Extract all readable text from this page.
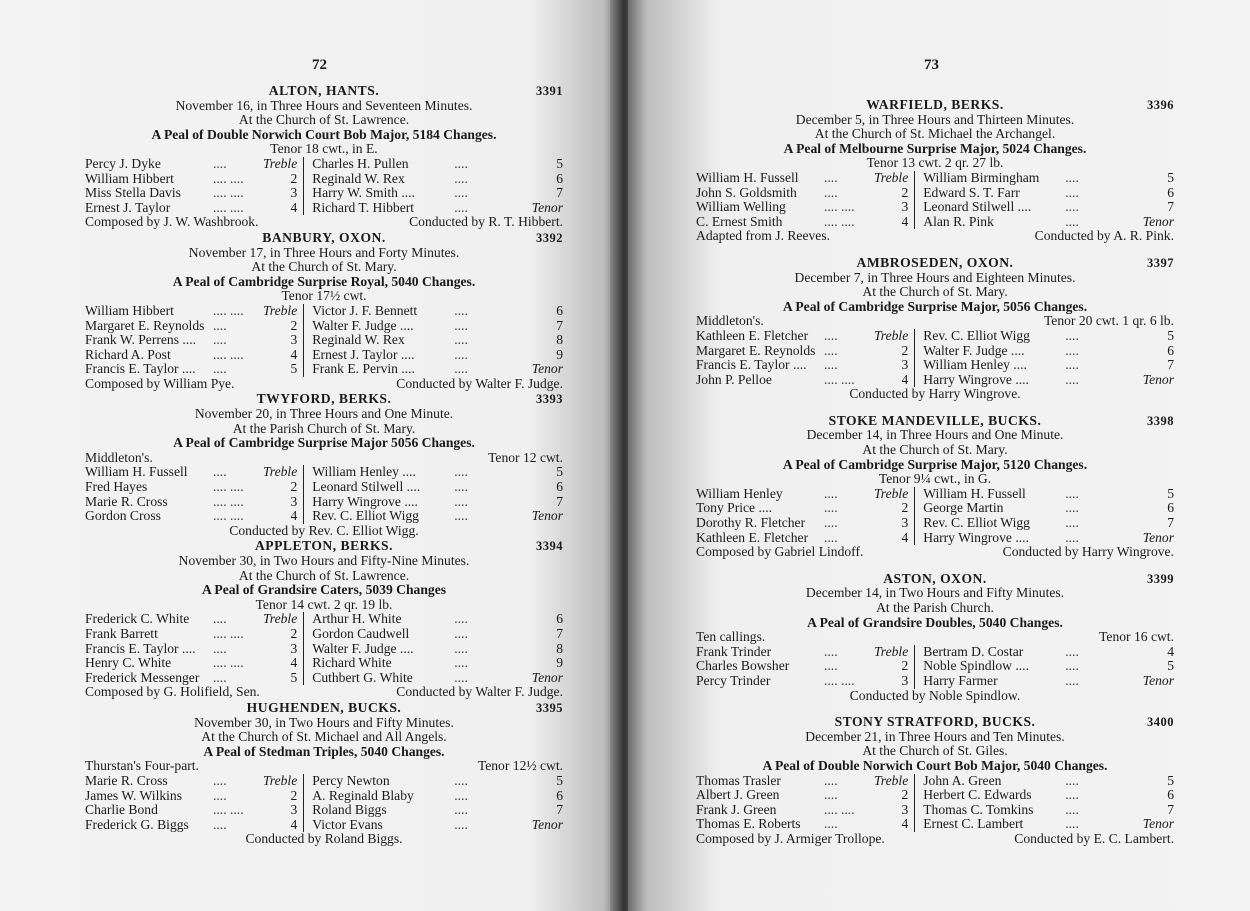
72
ALTON, HANTS.	3391
November 16, in Three Hours and Seventeen Minutes.
At the Church of St. Lawrence.
A Peal of Double Norwich Court Bob Major, 5184 Changes.
Tenor 18 cwt., in E.
Percy J. Dyke	....	Treble	Charles H. Pullen	....	5
William Hibbert	.... ....	2	Reginald W. Rex	....	6
Miss Stella Davis	.... ....	3	Harry W. Smith ....	....	7
Ernest J. Taylor	.... ....	4	Richard T. Hibbert	....	Tenor
Composed by J. W. Washbrook.	Conducted by R. T. Hibbert.
BANBURY, OXON.	3392
November 17, in Three Hours and Forty Minutes.
At the Church of St. Mary.
A Peal of Cambridge Surprise Royal, 5040 Changes.
Tenor 17½ cwt.
William Hibbert	.... ....	Treble	Victor J. F. Bennett	....	6
Margaret E. Reynolds	....	2	Walter F. Judge ....	....	7
Frank W. Perrens ....	....	3	Reginald W. Rex	....	8
Richard A. Post	.... ....	4	Ernest J. Taylor ....	....	9
Francis E. Taylor ....	....	5	Frank E. Pervin ....	....	Tenor
Composed by William Pye.	Conducted by Walter F. Judge.
TWYFORD, BERKS.	3393
November 20, in Three Hours and One Minute.
At the Parish Church of St. Mary.
A Peal of Cambridge Surprise Major 5056 Changes.
Middleton's.	Tenor 12 cwt.
William H. Fussell	....	Treble	William Henley ....	....	5
Fred Hayes	.... ....	2	Leonard Stilwell ....	....	6
Marie R. Cross	.... ....	3	Harry Wingrove ....	....	7
Gordon Cross	.... ....	4	Rev. C. Elliot Wigg	....	Tenor
Conducted by Rev. C. Elliot Wigg.
APPLETON, BERKS.	3394
November 30, in Two Hours and Fifty-Nine Minutes.
At the Church of St. Lawrence.
A Peal of Grandsire Caters, 5039 Changes
Tenor 14 cwt. 2 qr. 19 lb.
Frederick C. White	....	Treble	Arthur H. White	....	6
Frank Barrett	.... ....	2	Gordon Caudwell	....	7
Francis E. Taylor ....	....	3	Walter F. Judge ....	....	8
Henry C. White	.... ....	4	Richard White	....	9
Frederick Messenger	....	5	Cuthbert G. White	....	Tenor
Composed by G. Holifield, Sen.	Conducted by Walter F. Judge.
HUGHENDEN, BUCKS.	3395
November 30, in Two Hours and Fifty Minutes.
At the Church of St. Michael and All Angels.
A Peal of Stedman Triples, 5040 Changes.
Thurstan's Four-part.	Tenor 12½ cwt.
Marie R. Cross	....	Treble	Percy Newton	....	5
James W. Wilkins	....	2	A. Reginald Blaby	....	6
Charlie Bond	.... ....	3	Roland Biggs	....	7
Frederick G. Biggs	....	4	Victor Evans	....	Tenor
Conducted by Roland Biggs.
73
WARFIELD, BERKS.	3396
December 5, in Three Hours and Thirteen Minutes.
At the Church of St. Michael the Archangel.
A Peal of Melbourne Surprise Major, 5024 Changes.
Tenor 13 cwt. 2 qr. 27 lb.
William H. Fussell	....	Treble	William Birmingham	....	5
John S. Goldsmith	....	2	Edward S. T. Farr	....	6
William Welling	.... ....	3	Leonard Stilwell ....	....	7
C. Ernest Smith	.... ....	4	Alan R. Pink	....	Tenor
Adapted from J. Reeves.	Conducted by A. R. Pink.
AMBROSEDEN, OXON.	3397
December 7, in Three Hours and Eighteen Minutes.
At the Church of St. Mary.
A Peal of Cambridge Surprise Major, 5056 Changes.
Middleton's.	Tenor 20 cwt. 1 qr. 6 lb.
Kathleen E. Fletcher	....	Treble	Rev. C. Elliot Wigg	....	5
Margaret E. Reynolds	....	2	Walter F. Judge ....	....	6
Francis E. Taylor ....	....	3	William Henley ....	....	7
John P. Pelloe	.... ....	4	Harry Wingrove ....	....	Tenor
Conducted by Harry Wingrove.
STOKE MANDEVILLE, BUCKS.	3398
December 14, in Three Hours and One Minute.
At the Church of St. Mary.
A Peal of Cambridge Surprise Major, 5120 Changes.
Tenor 9¼ cwt., in G.
William Henley	....	Treble	William H. Fussell	....	5
Tony Price ....	....	2	George Martin	....	6
Dorothy R. Fletcher	....	3	Rev. C. Elliot Wigg	....	7
Kathleen E. Fletcher	....	4	Harry Wingrove ....	....	Tenor
Composed by Gabriel Lindoff.	Conducted by Harry Wingrove.
ASTON, OXON.	3399
December 14, in Two Hours and Fifty Minutes.
At the Parish Church.
A Peal of Grandsire Doubles, 5040 Changes.
Ten callings.	Tenor 16 cwt.
Frank Trinder	....	Treble	Bertram D. Costar	....	4
Charles Bowsher	....	2	Noble Spindlow ....	....	5
Percy Trinder	.... ....	3	Harry Farmer	....	Tenor
Conducted by Noble Spindlow.
STONY STRATFORD, BUCKS.	3400
December 21, in Three Hours and Ten Minutes.
At the Church of St. Giles.
A Peal of Double Norwich Court Bob Major, 5040 Changes.
Thomas Trasler	....	Treble	John A. Green	....	5
Albert J. Green	....	2	Herbert C. Edwards	....	6
Frank J. Green	.... ....	3	Thomas C. Tomkins	....	7
Thomas E. Roberts	....	4	Ernest C. Lambert	....	Tenor
Composed by J. Armiger Trollope.	Conducted by E. C. Lambert.
